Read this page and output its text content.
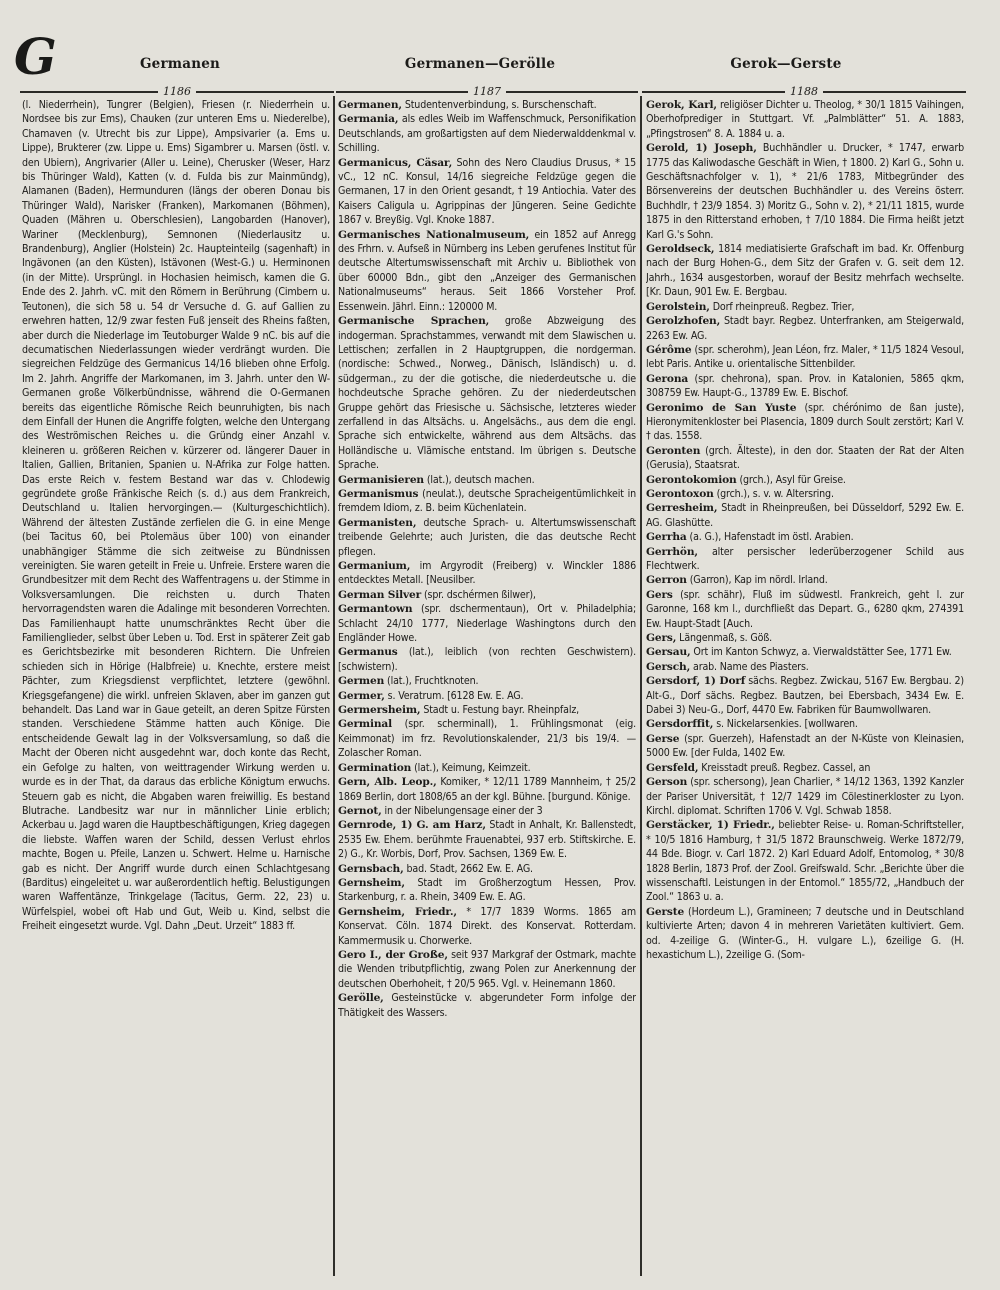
G	Germanen	Germanen—Gerölle	Gerok—Gerste
1186	1187	1188

(l. Niederrhein), Tungrer (Belgien), Friesen (r. Niederrhein u. Nordsee bis zur Ems), Chauken (zur unteren Ems u. Niederelbe), Chamaven (v. Utrecht bis zur Lippe), Ampsivarier (a. Ems u. Lippe), Brukterer (zw. Lippe u. Ems) Sigambrer u. Marsen (östl. v. den Ubiern), Angrivarier (Aller u. Leine), Cherusker (Weser, Harz bis Thüringer Wald), Katten (v. d. Fulda bis zur Mainmündg), Alamanen (Baden), Hermunduren (längs der oberen Donau bis Thüringer Wald), Narisker (Franken), Markomanen (Böhmen), Quaden (Mähren u. Oberschlesien), Langobarden (Hanover), Wariner (Mecklenburg), Semnonen (Niederlausitz u. Brandenburg), Anglier (Holstein) 2c. Haupteinteilg (sagenhaft) in Ingävonen (an den Küsten), Istävonen (West-G.) u. Herminonen (in der Mitte). Ursprüngl. in Hochasien heimisch, kamen die G. Ende des 2. Jahrh. vC. mit den Römern in Berührung (Cimbern u. Teutonen), die sich 58 u. 54 dr Versuche d. G. auf Gallien zu erwehren hatten, 12/9 zwar festen Fuß jenseit des Rheins faßten, aber durch die Niederlage im Teutoburger Walde 9 nC. bis auf die decumatischen Niederlassungen wieder verdrängt wurden. Die siegreichen Feldzüge des Germanicus 14/16 blieben ohne Erfolg. Im 2. Jahrh. Angriffe der Markomanen, im 3. Jahrh. unter den W-Germanen große Völkerbündnisse, während die O-Germanen bereits das eigentliche Römische Reich beunruhigten, bis nach dem Einfall der Hunen die Angriffe folgten, welche den Untergang des Weströmischen Reiches u. die Gründg einer Anzahl v. kleineren u. größeren Reichen v. kürzerer od. längerer Dauer in Italien, Gallien, Britanien, Spanien u. N-Afrika zur Folge hatten. Das erste Reich v. festem Bestand war das v. Chlodewig gegründete große Fränkische Reich (s. d.) aus dem Frankreich, Deutschland u. Italien hervorgingen.— (Kulturgeschichtlich). Während der ältesten Zustände zerfielen die G. in eine Menge (bei Tacitus 60, bei Ptolemäus über 100) von einander unabhängiger Stämme die sich zeitweise zu Bündnissen vereinigten. Sie waren geteilt in Freie u. Unfreie. Erstere waren die Grundbesitzer mit dem Recht des Waffentragens u. der Stimme in Volksversamlungen. Die reichsten u. durch Thaten hervorragendsten waren die Adalinge mit besonderen Vorrechten. Das Familienhaupt hatte unumschränktes Recht über die Familienglieder, selbst über Leben u. Tod. Erst in späterer Zeit gab es Gerichtsbezirke mit besonderen Richtern. Die Unfreien schieden sich in Hörige (Halbfreie) u. Knechte, erstere meist Pächter, zum Kriegsdienst verpflichtet, letztere (gewöhnl. Kriegsgefangene) die wirkl. unfreien Sklaven, aber im ganzen gut behandelt. Das Land war in Gaue geteilt, an deren Spitze Fürsten standen. Verschiedene Stämme hatten auch Könige. Die entscheidende Gewalt lag in der Volksversamlung, so daß die Macht der Oberen nicht ausgedehnt war, doch konte das Recht, ein Gefolge zu halten, von weittragender Wirkung werden u. wurde es in der That, da daraus das erbliche Königtum erwuchs. Steuern gab es nicht, die Abgaben waren freiwillig. Es bestand Blutrache. Landbesitz war nur in männlicher Linie erblich; Ackerbau u. Jagd waren die Hauptbeschäftigungen, Krieg dagegen die liebste. Waffen waren der Schild, dessen Verlust ehrlos machte, Bogen u. Pfeile, Lanzen u. Schwert. Helme u. Harnische gab es nicht. Der Angriff wurde durch einen Schlachtgesang (Barditus) eingeleitet u. war außerordentlich heftig. Belustigungen waren Waffentänze, Trinkgelage (Tacitus, Germ. 22, 23) u. Würfelspiel, wobei oft Hab und Gut, Weib u. Kind, selbst die Freiheit eingesetzt wurde. Vgl. Dahn „Deut. Urzeit“ 1883 ff.

Germanen, Studentenverbindung, s. Burschenschaft.

Germania, als edles Weib im Waffenschmuck, Personifikation Deutschlands, am großartigsten auf dem Niederwalddenkmal v. Schilling.

Germanicus, Cäsar, Sohn des Nero Claudius Drusus, * 15 vC., 12 nC. Konsul, 14/16 siegreiche Feldzüge gegen die Germanen, 17 in den Orient gesandt, † 19 Antiochia. Vater des Kaisers Caligula u. Agrippinas der Jüngeren. Seine Gedichte 1867 v. Breyßig. Vgl. Knoke 1887.

Germanisches Nationalmuseum, ein 1852 auf Anregg des Frhrn. v. Aufseß in Nürnberg ins Leben gerufenes Institut für deutsche Altertumswissenschaft mit Archiv u. Bibliothek von über 60000 Bdn., gibt den „Anzeiger des Germanischen Nationalmuseums“ heraus. Seit 1866 Vorsteher Prof. Essenwein. Jährl. Einn.: 120000 M.

Germanische Sprachen, große Abzweigung des indogerman. Sprachstammes, verwandt mit dem Slawischen u. Lettischen; zerfallen in 2 Hauptgruppen, die nordgerman. (nordische: Schwed., Norweg., Dänisch, Isländisch) u. d. südgerman., zu der die gotische, die niederdeutsche u. die hochdeutsche Sprache gehören. Zu der niederdeutschen Gruppe gehört das Friesische u. Sächsische, letzteres wieder zerfallend in das Altsächs. u. Angelsächs., aus dem die engl. Sprache sich entwickelte, während aus dem Altsächs. das Holländische u. Vlämische entstand. Im übrigen s. Deutsche Sprache.

Germanisieren (lat.), deutsch machen.

Germanismus (neulat.), deutsche Spracheigentümlichkeit in fremdem Idiom, z. B. beim Küchenlatein.

Germanisten, deutsche Sprach- u. Altertumswissenschaft treibende Gelehrte; auch Juristen, die das deutsche Recht pflegen.

Germanium, im Argyrodit (Freiberg) v. Winckler 1886 entdecktes Metall. [Neusilber.

German Silver (spr. dschérmen ßilwer),

Germantown (spr. dschermentaun), Ort v. Philadelphia; Schlacht 24/10 1777, Niederlage Washingtons durch den Engländer Howe.

Germanus (lat.), leiblich (von rechten Geschwistern). [schwistern).

Germen (lat.), Fruchtknoten.

Germer, s. Veratrum. [6128 Ew. E. AG.

Germersheim, Stadt u. Festung bayr. Rheinpfalz,

Germinal (spr. scherminall), 1. Frühlingsmonat (eig. Keimmonat) im frz. Revolutionskalender, 21/3 bis 19/4. — Zolascher Roman.

Germination (lat.), Keimung, Keimzeit.

Gern, Alb. Leop., Komiker, * 12/11 1789 Mannheim, † 25/2 1869 Berlin, dort 1808/65 an der kgl. Bühne. [burgund. Könige.

Gernot, in der Nibelungensage einer der 3

Gernrode, 1) G. am Harz, Stadt in Anhalt, Kr. Ballenstedt, 2535 Ew. Ehem. berühmte Frauenabtei, 937 erb. Stiftskirche. E. 2) G., Kr. Worbis, Dorf, Prov. Sachsen, 1369 Ew. E.

Gernsbach, bad. Stadt, 2662 Ew. E. AG.

Gernsheim, Stadt im Großherzogtum Hessen, Prov. Starkenburg, r. a. Rhein, 3409 Ew. E. AG.

Gernsheim, Friedr., * 17/7 1839 Worms. 1865 am Konservat. Cöln. 1874 Direkt. des Konservat. Rotterdam. Kammermusik u. Chorwerke.

Gero I., der Große, seit 937 Markgraf der Ostmark, machte die Wenden tributpflichtig, zwang Polen zur Anerkennung der deutschen Oberhoheit, † 20/5 965. Vgl. v. Heinemann 1860.

Gerölle, Gesteinstücke v. abgerundeter Form infolge der Thätigkeit des Wassers.

Gerok, Karl, religiöser Dichter u. Theolog, * 30/1 1815 Vaihingen, Oberhofprediger in Stuttgart. Vf. „Palmblätter“ 51. A. 1883, „Pfingstrosen“ 8. A. 1884 u. a.

Gerold, 1) Joseph, Buchhändler u. Drucker, * 1747, erwarb 1775 das Kaliwodasche Geschäft in Wien, † 1800. 2) Karl G., Sohn u. Geschäftsnachfolger v. 1), * 21/6 1783, Mitbegründer des Börsenvereins der deutschen Buchhändler u. des Vereins österr. Buchhdlr, † 23/9 1854. 3) Moritz G., Sohn v. 2), * 21/11 1815, wurde 1875 in den Ritterstand erhoben, † 7/10 1884. Die Firma heißt jetzt Karl G.'s Sohn.

Geroldseck, 1814 mediatisierte Grafschaft im bad. Kr. Offenburg nach der Burg Hohen-G., dem Sitz der Grafen v. G. seit dem 12. Jahrh., 1634 ausgestorben, worauf der Besitz mehrfach wechselte. [Kr. Daun, 901 Ew. E. Bergbau.

Gerolstein, Dorf rheinpreuß. Regbez. Trier,

Gerolzhofen, Stadt bayr. Regbez. Unterfranken, am Steigerwald, 2263 Ew. AG.

Gérôme (spr. scherohm), Jean Léon, frz. Maler, * 11/5 1824 Vesoul, lebt Paris. Antike u. orientalische Sittenbilder.

Gerona (spr. chehrona), span. Prov. in Katalonien, 5865 qkm, 308759 Ew. Haupt-G., 13789 Ew. E. Bischof.

Geronimo de San Yuste (spr. chérónimo de ßan juste), Hieronymitenkloster bei Plasencia, 1809 durch Soult zerstört; Karl V. † das. 1558.

Geronten (grch. Älteste), in den dor. Staaten der Rat der Alten (Gerusia), Staatsrat.

Gerontokomion (grch.), Asyl für Greise.

Gerontoxon (grch.), s. v. w. Altersring.

Gerresheim, Stadt in Rheinpreußen, bei Düsseldorf, 5292 Ew. E. AG. Glashütte.

Gerrha (a. G.), Hafenstadt im östl. Arabien.

Gerrhön, alter persischer lederüberzogener Schild aus Flechtwerk.

Gerron (Garron), Kap im nördl. Irland.

Gers (spr. schähr), Fluß im südwestl. Frankreich, geht l. zur Garonne, 168 km l., durchfließt das Depart. G., 6280 qkm, 274391 Ew. Haupt-Stadt [Auch.

Gers, Längenmaß, s. Göß.

Gersau, Ort im Kanton Schwyz, a. Vierwaldstätter See, 1771 Ew.

Gersch, arab. Name des Piasters.

Gersdorf, 1) Dorf sächs. Regbez. Zwickau, 5167 Ew. Bergbau. 2) Alt-G., Dorf sächs. Regbez. Bautzen, bei Ebersbach, 3434 Ew. E. Dabei 3) Neu-G., Dorf, 4470 Ew. Fabriken für Baumwollwaren.

Gersdorffit, s. Nickelarsenkies. [wollwaren.

Gerse (spr. Guerzeh), Hafenstadt an der N-Küste von Kleinasien, 5000 Ew. [der Fulda, 1402 Ew.

Gersfeld, Kreisstadt preuß. Regbez. Cassel, an

Gerson (spr. schersong), Jean Charlier, * 14/12 1363, 1392 Kanzler der Pariser Universität, † 12/7 1429 im Cölestinerkloster zu Lyon. Kirchl. diplomat. Schriften 1706 V. Vgl. Schwab 1858.

Gerstäcker, 1) Friedr., beliebter Reise- u. Roman-Schriftsteller, * 10/5 1816 Hamburg, † 31/5 1872 Braunschweig. Werke 1872/79, 44 Bde. Biogr. v. Carl 1872. 2) Karl Eduard Adolf, Entomolog, * 30/8 1828 Berlin, 1873 Prof. der Zool. Greifswald. Schr. „Berichte über die wissenschaftl. Leistungen in der Entomol.“ 1855/72, „Handbuch der Zool.“ 1863 u. a.

Gerste (Hordeum L.), Gramineen; 7 deutsche und in Deutschland kultivierte Arten; davon 4 in mehreren Varietäten kultiviert. Gem. od. 4-zeilige G. (Winter-G., H. vulgare L.), 6zeilige G. (H. hexastichum L.), 2zeilige G. (Som-
